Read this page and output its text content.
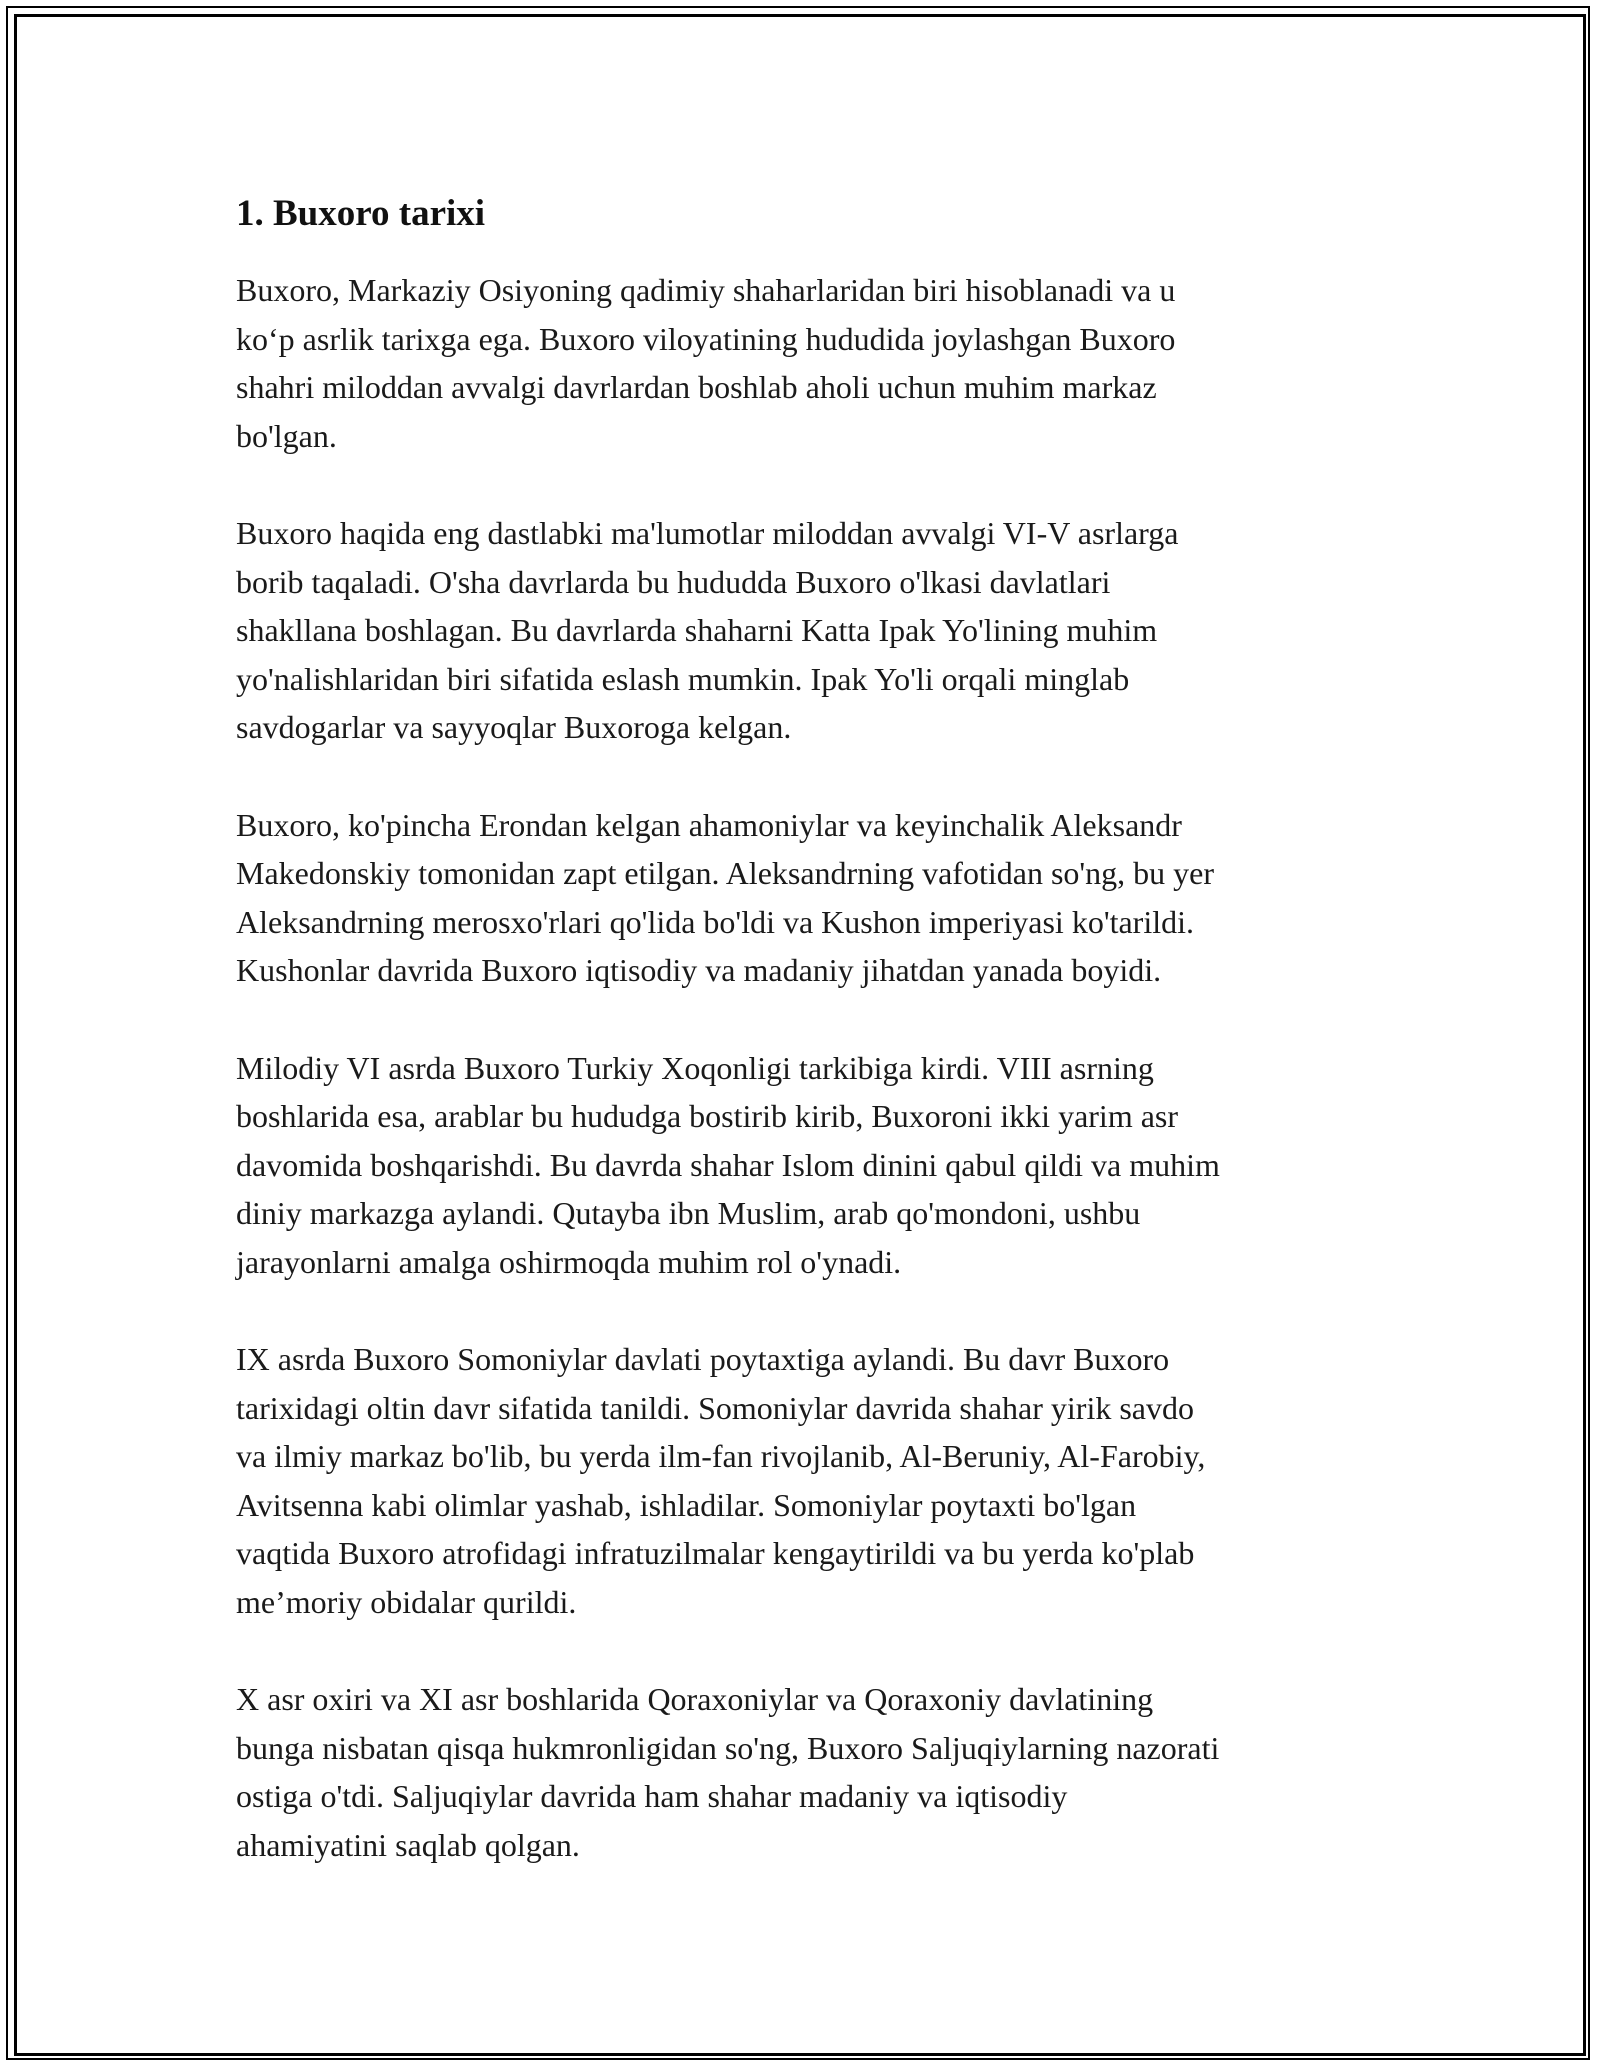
1. Buxoro tarixi

Buxoro, Markaziy Osiyoning qadimiy shaharlaridan biri hisoblanadi va u
ko‘p asrlik tarixga ega. Buxoro viloyatining hududida joylashgan Buxoro
shahri miloddan avvalgi davrlardan boshlab aholi uchun muhim markaz
bo'lgan.

Buxoro haqida eng dastlabki ma'lumotlar miloddan avvalgi VI-V asrlarga
borib taqaladi. O'sha davrlarda bu hududda Buxoro o'lkasi davlatlari
shakllana boshlagan. Bu davrlarda shaharni Katta Ipak Yo'lining muhim
yo'nalishlaridan biri sifatida eslash mumkin. Ipak Yo'li orqali minglab
savdogarlar va sayyoqlar Buxoroga kelgan.

Buxoro, ko'pincha Erondan kelgan ahamoniylar va keyinchalik Aleksandr
Makedonskiy tomonidan zapt etilgan. Aleksandrning vafotidan so'ng, bu yer
Aleksandrning merosxo'rlari qo'lida bo'ldi va Kushon imperiyasi ko'tarildi.
Kushonlar davrida Buxoro iqtisodiy va madaniy jihatdan yanada boyidi.

Milodiy VI asrda Buxoro Turkiy Xoqonligi tarkibiga kirdi. VIII asrning
boshlarida esa, arablar bu hududga bostirib kirib, Buxoroni ikki yarim asr
davomida boshqarishdi. Bu davrda shahar Islom dinini qabul qildi va muhim
diniy markazga aylandi. Qutayba ibn Muslim, arab qo'mondoni, ushbu
jarayonlarni amalga oshirmoqda muhim rol o'ynadi.

IX asrda Buxoro Somoniylar davlati poytaxtiga aylandi. Bu davr Buxoro
tarixidagi oltin davr sifatida tanildi. Somoniylar davrida shahar yirik savdo
va ilmiy markaz bo'lib, bu yerda ilm-fan rivojlanib, Al-Beruniy, Al-Farobiy,
Avitsenna kabi olimlar yashab, ishladilar. Somoniylar poytaxti bo'lgan
vaqtida Buxoro atrofidagi infratuzilmalar kengaytirildi va bu yerda ko'plab
me’moriy obidalar qurildi.

X asr oxiri va XI asr boshlarida Qoraxoniylar va Qoraxoniy davlatining
bunga nisbatan qisqa hukmronligidan so'ng, Buxoro Saljuqiylarning nazorati
ostiga o'tdi. Saljuqiylar davrida ham shahar madaniy va iqtisodiy
ahamiyatini saqlab qolgan.
